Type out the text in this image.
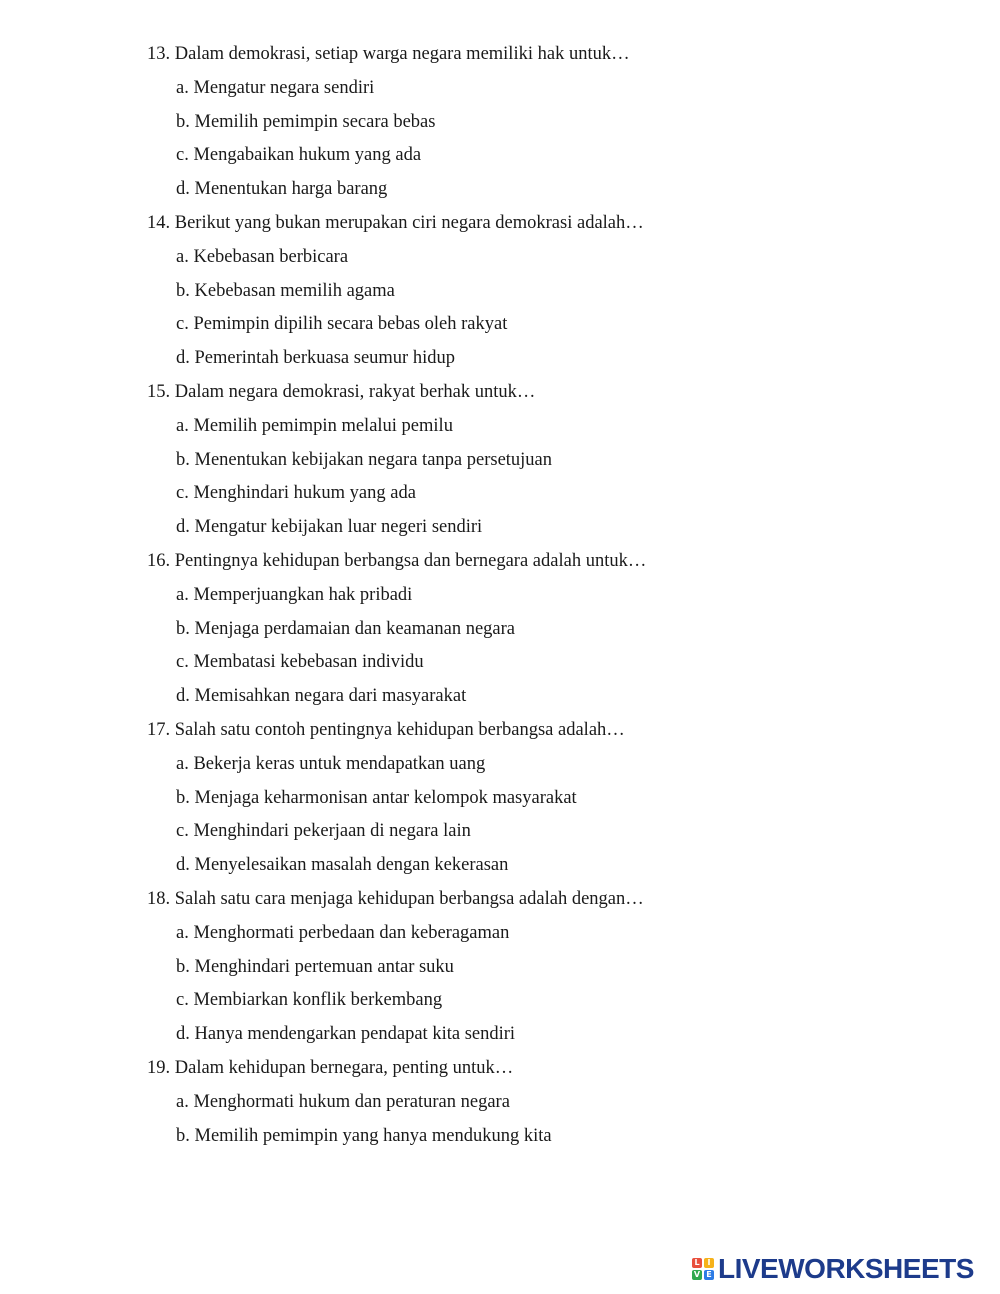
13. Dalam demokrasi, setiap warga negara memiliki hak untuk…
a. Mengatur negara sendiri
b. Memilih pemimpin secara bebas
c. Mengabaikan hukum yang ada
d. Menentukan harga barang
14. Berikut yang bukan merupakan ciri negara demokrasi adalah…
a. Kebebasan berbicara
b. Kebebasan memilih agama
c. Pemimpin dipilih secara bebas oleh rakyat
d. Pemerintah berkuasa seumur hidup
15. Dalam negara demokrasi, rakyat berhak untuk…
a. Memilih pemimpin melalui pemilu
b. Menentukan kebijakan negara tanpa persetujuan
c. Menghindari hukum yang ada
d. Mengatur kebijakan luar negeri sendiri
16. Pentingnya kehidupan berbangsa dan bernegara adalah untuk…
a. Memperjuangkan hak pribadi
b. Menjaga perdamaian dan keamanan negara
c. Membatasi kebebasan individu
d. Memisahkan negara dari masyarakat
17. Salah satu contoh pentingnya kehidupan berbangsa adalah…
a. Bekerja keras untuk mendapatkan uang
b. Menjaga keharmonisan antar kelompok masyarakat
c. Menghindari pekerjaan di negara lain
d. Menyelesaikan masalah dengan kekerasan
18. Salah satu cara menjaga kehidupan berbangsa adalah dengan…
a. Menghormati perbedaan dan keberagaman
b. Menghindari pertemuan antar suku
c. Membiarkan konflik berkembang
d. Hanya mendengarkan pendapat kita sendiri
19. Dalam kehidupan bernegara, penting untuk…
a. Menghormati hukum dan peraturan negara
b. Memilih pemimpin yang hanya mendukung kita
L I
V E LIVEWORKSHEETS
